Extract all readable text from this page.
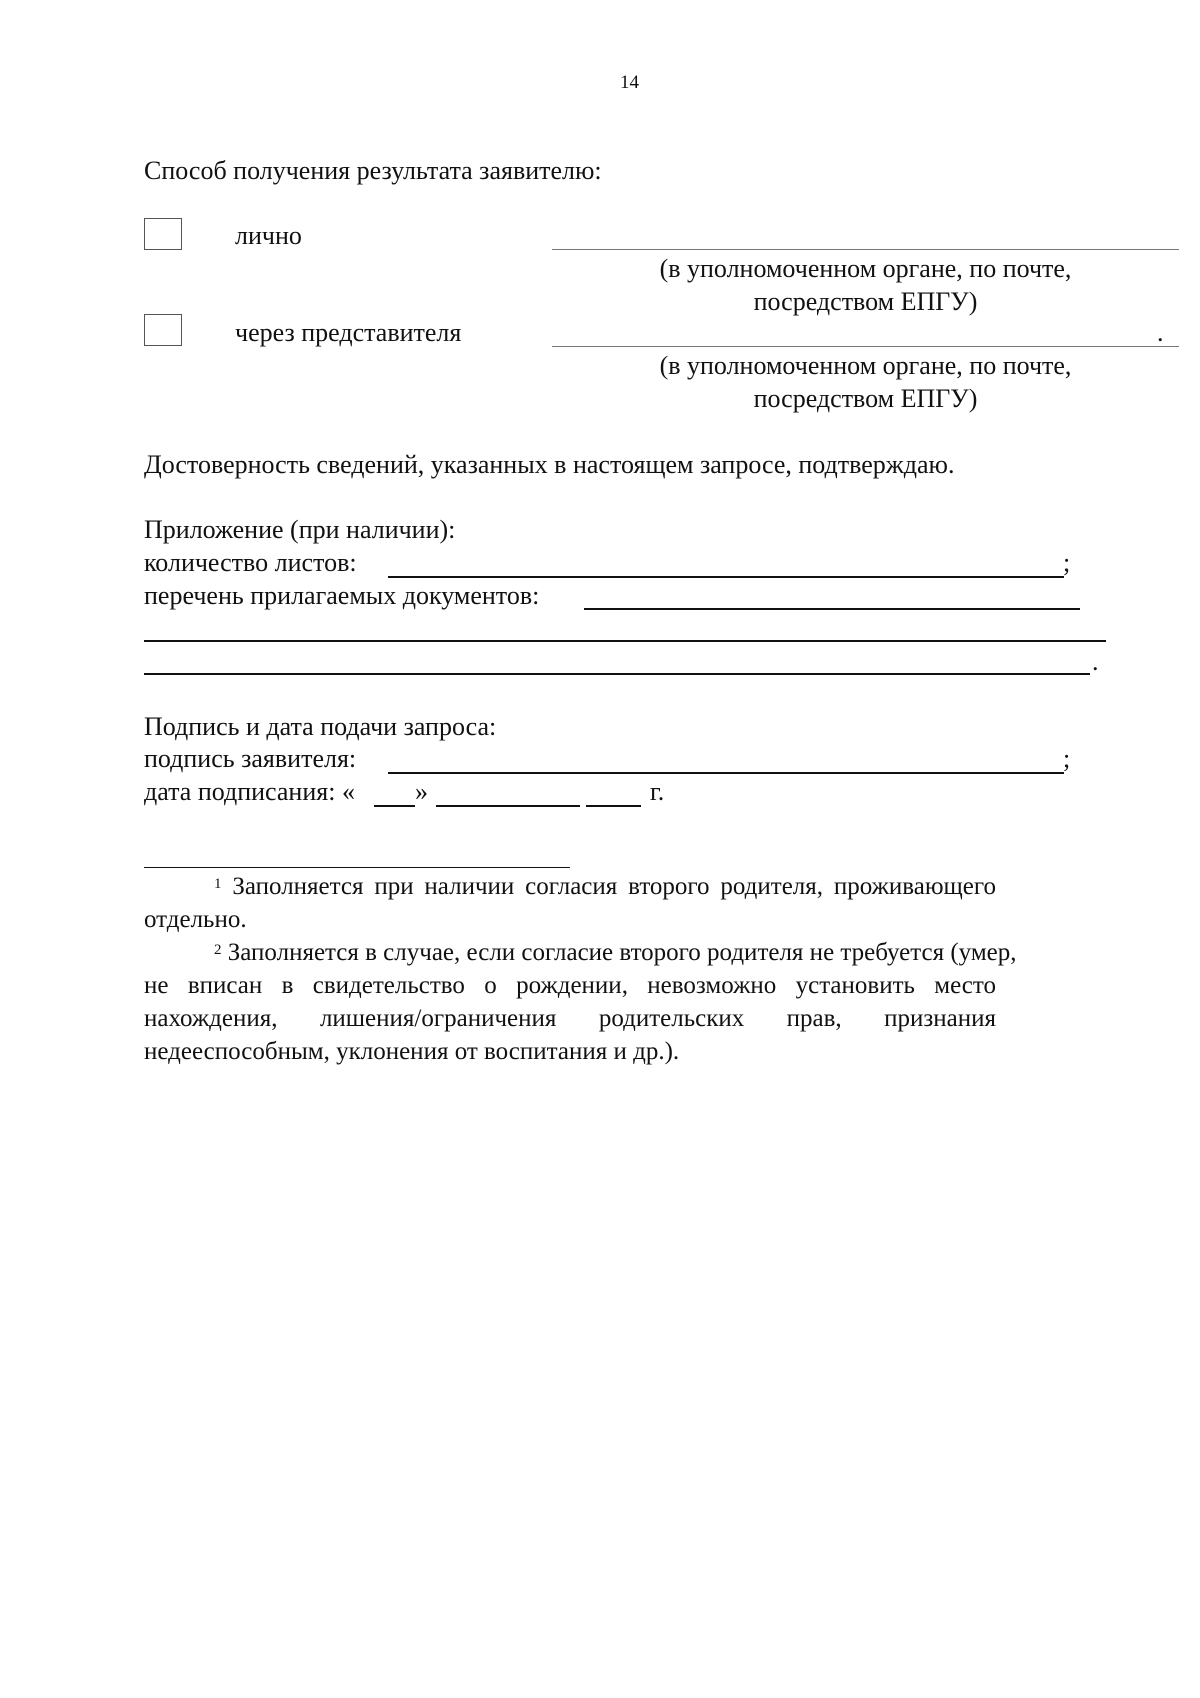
14
Способ получения результата заявителю:
лично
(в уполномоченном органе, по почте,
посредством ЕПГУ)
через представителя	.
(в уполномоченном органе, по почте,
посредством ЕПГУ)
Достоверность сведений, указанных в настоящем запросе, подтверждаю.
Приложение (при наличии):
количество листов:	;
перечень прилагаемых документов:
.
Подпись и дата подачи запроса:
подпись заявителя:	;
дата подписания: « »	г.
$^1$ Заполняется при наличии согласия второго родителя, проживающего
отдельно.
$^2$ Заполняется в случае, если согласие второго родителя не требуется (умер,
не вписан в свидетельство о рождении, невозможно установить место
нахождения, лишения/ограничения родительских прав, признания
недееспособным, уклонения от воспитания и др.).
